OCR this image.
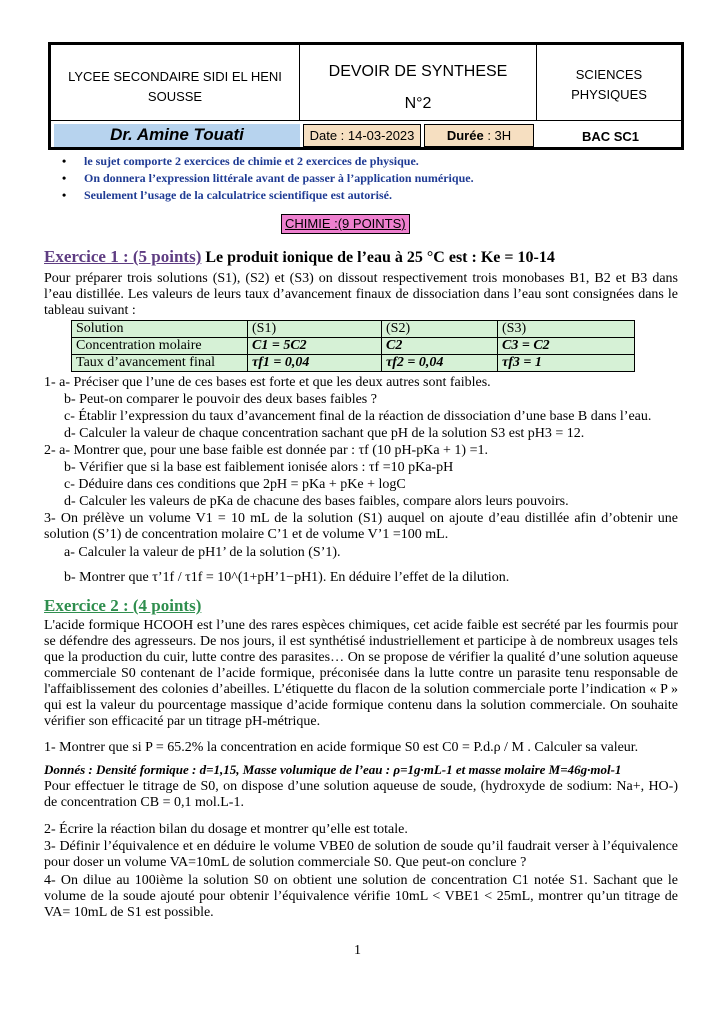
LYCEE SECONDAIRE SIDI EL HENI SOUSSE
DEVOIR DE SYNTHESE
N°2
SCIENCES PHYSIQUES
Dr. Amine Touati	Date : 14-03-2023	Durée : 3H	BAC SC1
• le sujet comporte 2 exercices de chimie et 2 exercices de physique.
• On donnera l’expression littérale avant de passer à l’application numérique.
• Seulement l’usage de la calculatrice scientifique est autorisé.
CHIMIE :(9 POINTS)
Exercice 1 : (5 points) Le produit ionique de l’eau à 25 °C est : Ke = 10-14
Pour préparer trois solutions (S1), (S2) et (S3) on dissout respectivement trois monobases B1, B2 et B3 dans l’eau distillée. Les valeurs de leurs taux d’avancement finaux de dissociation dans l’eau sont consignées dans le tableau suivant :
Solution	(S1)	(S2)	(S3)
Concentration molaire	C1 = 5C2	C2	C3 = C2
Taux d’avancement final	τf1 = 0,04	τf2 = 0,04	τf3 = 1
1- a- Préciser que l’une de ces bases est forte et que les deux autres sont faibles.
b- Peut-on comparer le pouvoir des deux bases faibles ?
c- Établir l’expression du taux d’avancement final de la réaction de dissociation d’une base B dans l’eau.
d- Calculer la valeur de chaque concentration sachant que pH de la solution S3 est pH3 = 12.
2- a- Montrer que, pour une base faible est donnée par : τf (10 pH-pKa + 1) =1.
b- Vérifier que si la base est faiblement ionisée alors : τf =10 pKa-pH
c- Déduire dans ces conditions que 2pH = pKa + pKe + logC
d- Calculer les valeurs de pKa de chacune des bases faibles, compare alors leurs pouvoirs.
3- On prélève un volume V1 = 10 mL de la solution (S1) auquel on ajoute d’eau distillée afin d’obtenir une solution (S’1) de concentration molaire C’1 et de volume V’1 =100 mL.
a- Calculer la valeur de pH1’ de la solution (S’1).
b- Montrer que τ’1f / τ1f = 10^(1+pH’1−pH1). En déduire l’effet de la dilution.
Exercice 2 : (4 points)
L'acide formique HCOOH est l’une des rares espèces chimiques, cet acide faible est secrété par les fourmis pour se défendre des agresseurs. De nos jours, il est synthétisé industriellement et participe à de nombreux usages tels que la production du cuir, lutte contre des parasites… On se propose de vérifier la qualité d’une solution aqueuse commerciale S0 contenant de l’acide formique, préconisée dans la lutte contre un parasite tenu responsable de l'affaiblissement des colonies d’abeilles. L’étiquette du flacon de la solution commerciale porte l’indication « P » qui est la valeur du pourcentage massique d’acide formique contenu dans la solution commerciale. On souhaite vérifier son efficacité par un titrage pH-métrique.
1- Montrer que si P = 65.2% la concentration en acide formique S0 est C0 = P.d.ρ / M . Calculer sa valeur.
Donnés : Densité formique : d=1,15, Masse volumique de l’eau : ρ=1g·mL-1 et masse molaire M=46g·mol-1
Pour effectuer le titrage de S0, on dispose d’une solution aqueuse de soude, (hydroxyde de sodium: Na+, HO-) de concentration CB = 0,1 mol.L-1.
2- Écrire la réaction bilan du dosage et montrer qu’elle est totale.
3- Définir l’équivalence et en déduire le volume VBE0 de solution de soude qu’il faudrait verser à l’équivalence pour doser un volume VA=10mL de solution commerciale S0. Que peut-on conclure ?
4- On dilue au 100ième la solution S0 on obtient une solution de concentration C1 notée S1. Sachant que le volume de la soude ajouté pour obtenir l’équivalence vérifie 10mL < VBE1 < 25mL, montrer qu’un titrage de VA= 10mL de S1 est possible.
1
